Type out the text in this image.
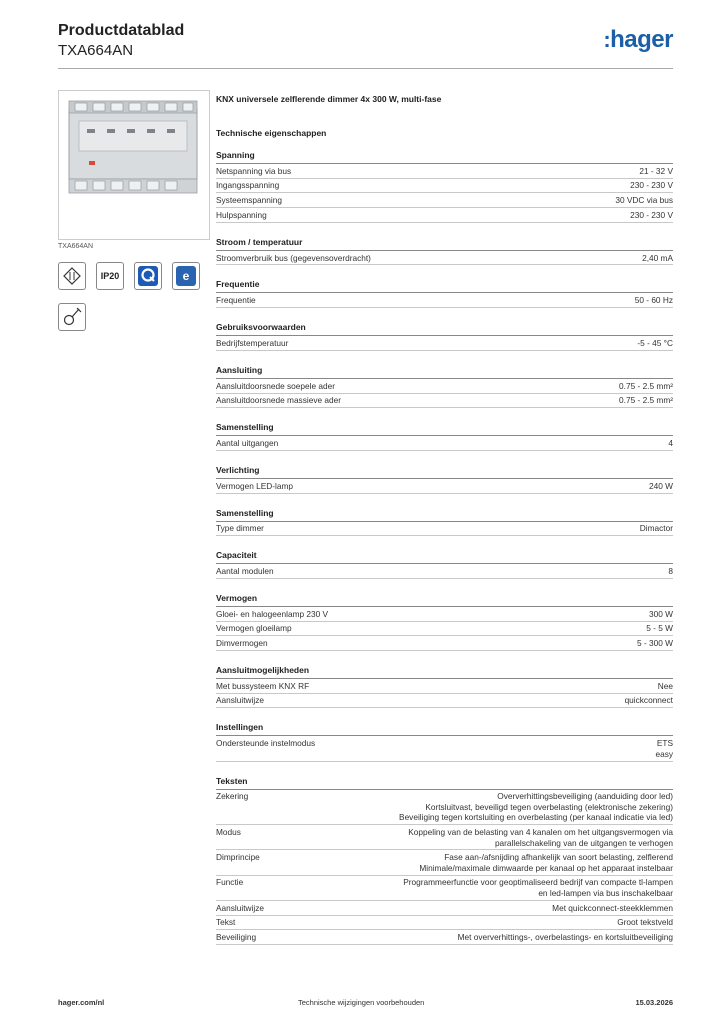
Productdatablad
TXA664AN	:hager
TXA664AN
IP20	e
KNX universele zelflerende dimmer 4x 300 W, multi-fase
Technische eigenschappen
Spanning
Netspanning via bus	21 - 32 V
Ingangsspanning	230 - 230 V
Systeemspanning	30 VDC via bus
Hulpspanning	230 - 230 V
Stroom / temperatuur
Stroomverbruik bus (gegevensoverdracht)	2,40 mA
Frequentie
Frequentie	50 - 60 Hz
Gebruiksvoorwaarden
Bedrijfstemperatuur	-5 - 45 °C
Aansluiting
Aansluitdoorsnede soepele ader	0.75 - 2.5 mm²
Aansluitdoorsnede massieve ader	0.75 - 2.5 mm²
Samenstelling
Aantal uitgangen	4
Verlichting
Vermogen LED-lamp	240 W
Samenstelling
Type dimmer	Dimactor
Capaciteit
Aantal modulen	8
Vermogen
Gloei- en halogeenlamp 230 V	300 W
Vermogen gloeilamp	5 - 5 W
Dimvermogen	5 - 300 W
Aansluitmogelijkheden
Met bussysteem KNX RF	Nee
Aansluitwijze	quickconnect
Instellingen
Ondersteunde instelmodus	ETS
easy
Teksten
Zekering	Oververhittingsbeveiliging (aanduiding door led)
Kortsluitvast, beveiligd tegen overbelasting (elektronische zekering)
Beveiliging tegen kortsluiting en overbelasting (per kanaal indicatie via led)
Modus	Koppeling van de belasting van 4 kanalen om het uitgangsvermogen via parallelschakeling van de uitgangen te verhogen
Dimprincipe	Fase aan-/afsnijding afhankelijk van soort belasting, zelflerend Minimale/maximale dimwaarde per kanaal op het apparaat instelbaar
Functie	Programmeerfunctie voor geoptimaliseerd bedrijf van compacte tl-lampen en led-lampen via bus inschakelbaar
Aansluitwijze	Met quickconnect-steekklemmen
Tekst	Groot tekstveld
Beveiliging	Met oververhittings-, overbelastings- en kortsluitbeveiliging
hager.com/nl	Technische wijzigingen voorbehouden	15.03.2026
